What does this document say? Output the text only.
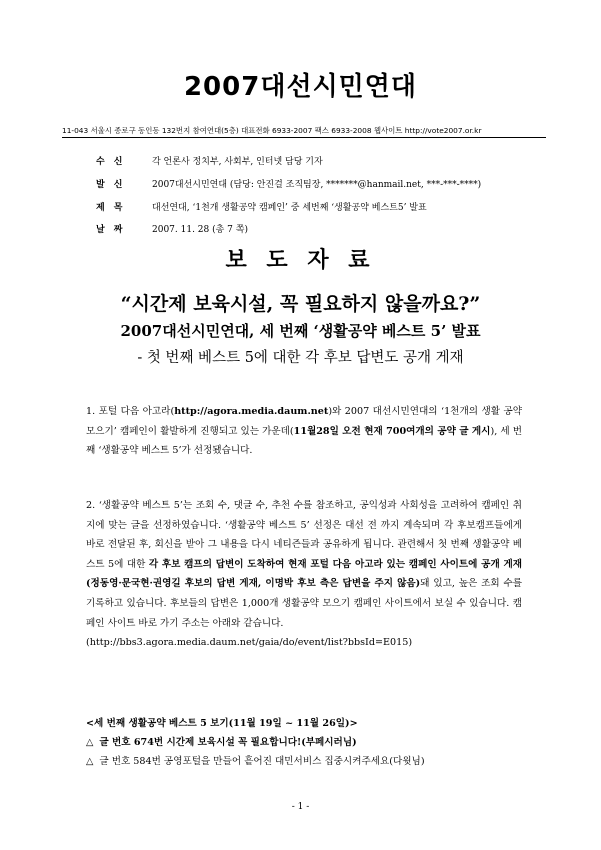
2007대선시민연대
11-043 서울시 종로구 동인동 132번지 참여연대(5층) 대표전화 6933-2007 팩스 6933-2008 웹사이트 http://vote2007.or.kr
수　신	각 언론사 정치부, 사회부, 인터넷 담당 기자
발　신	2007대선시민연대 (담당: 안진걸 조직팀장, *******@hanmail.net, ***-***-****)
제　목	대선연대, ‘1천개 생활공약 캠페인’ 중 세번째 ‘생활공약 베스트5’ 발표
날　짜	2007. 11. 28 (총 7 쪽)
보 도 자 료
“시간제 보육시설, 꼭 필요하지 않을까요?”
2007대선시민연대, 세 번째 ‘생활공약 베스트 5’ 발표
- 첫 번째 베스트 5에 대한 각 후보 답변도 공개 게재
1. 포털 다음 아고라(http://agora.media.daum.net)와 2007 대선시민연대의 ‘1천개의 생활 공약 모으기’ 캠페인이 활발하게 진행되고 있는 가운데(11월28일 오전 현재 700여개의 공약 글 게시), 세 번째 ‘생활공약 베스트 5’가 선정됐습니다.
2. ‘생활공약 베스트 5’는 조회 수, 댓글 수, 추천 수를 참조하고, 공익성과 사회성을 고려하여 캠페인 취지에 맞는 글을 선정하였습니다. ‘생활공약 베스트 5’ 선정은 대선 전 까지 계속되며 각 후보캠프들에게 바로 전달된 후, 회신을 받아 그 내용을 다시 네티즌들과 공유하게 됩니다. 관련해서 첫 번째 생활공약 베스트 5에 대한 각 후보 캠프의 답변이 도착하여 현재 포털 다음 아고라 있는 캠페인 사이트에 공개 게재(정동영·문국현·권영길 후보의 답변 게재, 이명박 후보 측은 답변을 주지 않음)돼 있고, 높은 조회 수를 기록하고 있습니다. 후보들의 답변은 1,000개 생활공약 모으기 캠페인 사이트에서 보실 수 있습니다. 캠페인 사이트 바로 가기 주소는 아래와 같습니다.
(http://bbs3.agora.media.daum.net/gaia/do/event/list?bbsId=E015)
<세 번째 생활공약 베스트 5 보기(11월 19일 ~ 11월 26일)>
△ 글 번호 674번 시간제 보육시설 꼭 필요합니다!(부페시러님)
△ 글 번호 584번 공영포털을 만들어 흩어진 대민서비스 집중시켜주세요(다윗님)
- 1 -
